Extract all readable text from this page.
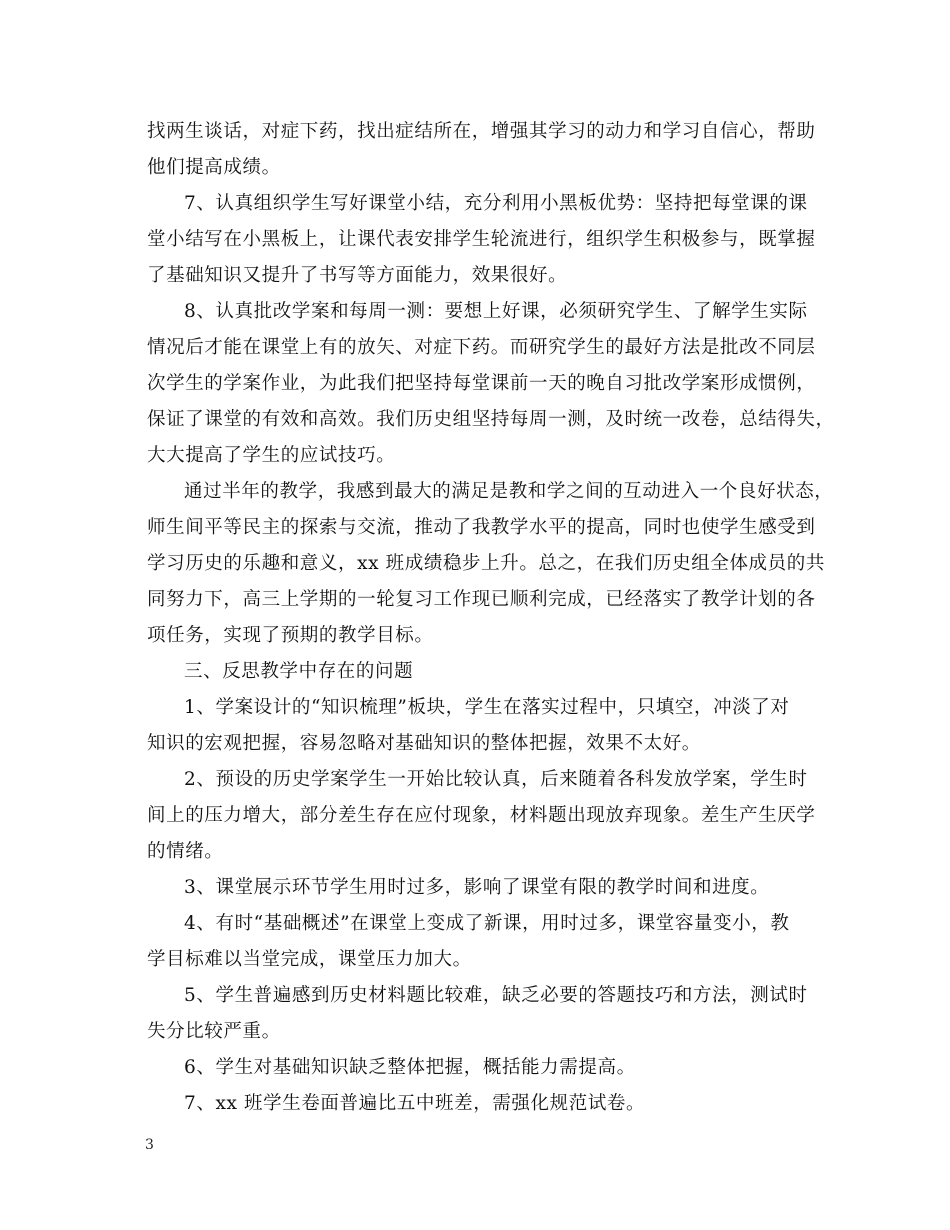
找两生谈话，对症下药，找出症结所在，增强其学习的动力和学习自信心，帮助
他们提高成绩。
7、认真组织学生写好课堂小结，充分利用小黑板优势：坚持把每堂课的课
堂小结写在小黑板上，让课代表安排学生轮流进行，组织学生积极参与，既掌握
了基础知识又提升了书写等方面能力，效果很好。
8、认真批改学案和每周一测：要想上好课，必须研究学生、了解学生实际
情况后才能在课堂上有的放矢、对症下药。而研究学生的最好方法是批改不同层
次学生的学案作业，为此我们把坚持每堂课前一天的晚自习批改学案形成惯例，
保证了课堂的有效和高效。我们历史组坚持每周一测，及时统一改卷，总结得失，
大大提高了学生的应试技巧。
通过半年的教学，我感到最大的满足是教和学之间的互动进入一个良好状态，
师生间平等民主的探索与交流，推动了我教学水平的提高，同时也使学生感受到
学习历史的乐趣和意义，xx 班成绩稳步上升。总之，在我们历史组全体成员的共
同努力下，高三上学期的一轮复习工作现已顺利完成，已经落实了教学计划的各
项任务，实现了预期的教学目标。
三、反思教学中存在的问题
1、学案设计的“知识梳理”板块，学生在落实过程中，只填空，冲淡了对
知识的宏观把握，容易忽略对基础知识的整体把握，效果不太好。
2、预设的历史学案学生一开始比较认真，后来随着各科发放学案，学生时
间上的压力增大，部分差生存在应付现象，材料题出现放弃现象。差生产生厌学
的情绪。
3、课堂展示环节学生用时过多，影响了课堂有限的教学时间和进度。
4、有时“基础概述”在课堂上变成了新课，用时过多，课堂容量变小，教
学目标难以当堂完成，课堂压力加大。
5、学生普遍感到历史材料题比较难，缺乏必要的答题技巧和方法，测试时
失分比较严重。
6、学生对基础知识缺乏整体把握，概括能力需提高。
7、xx 班学生卷面普遍比五中班差，需强化规范试卷。
3
